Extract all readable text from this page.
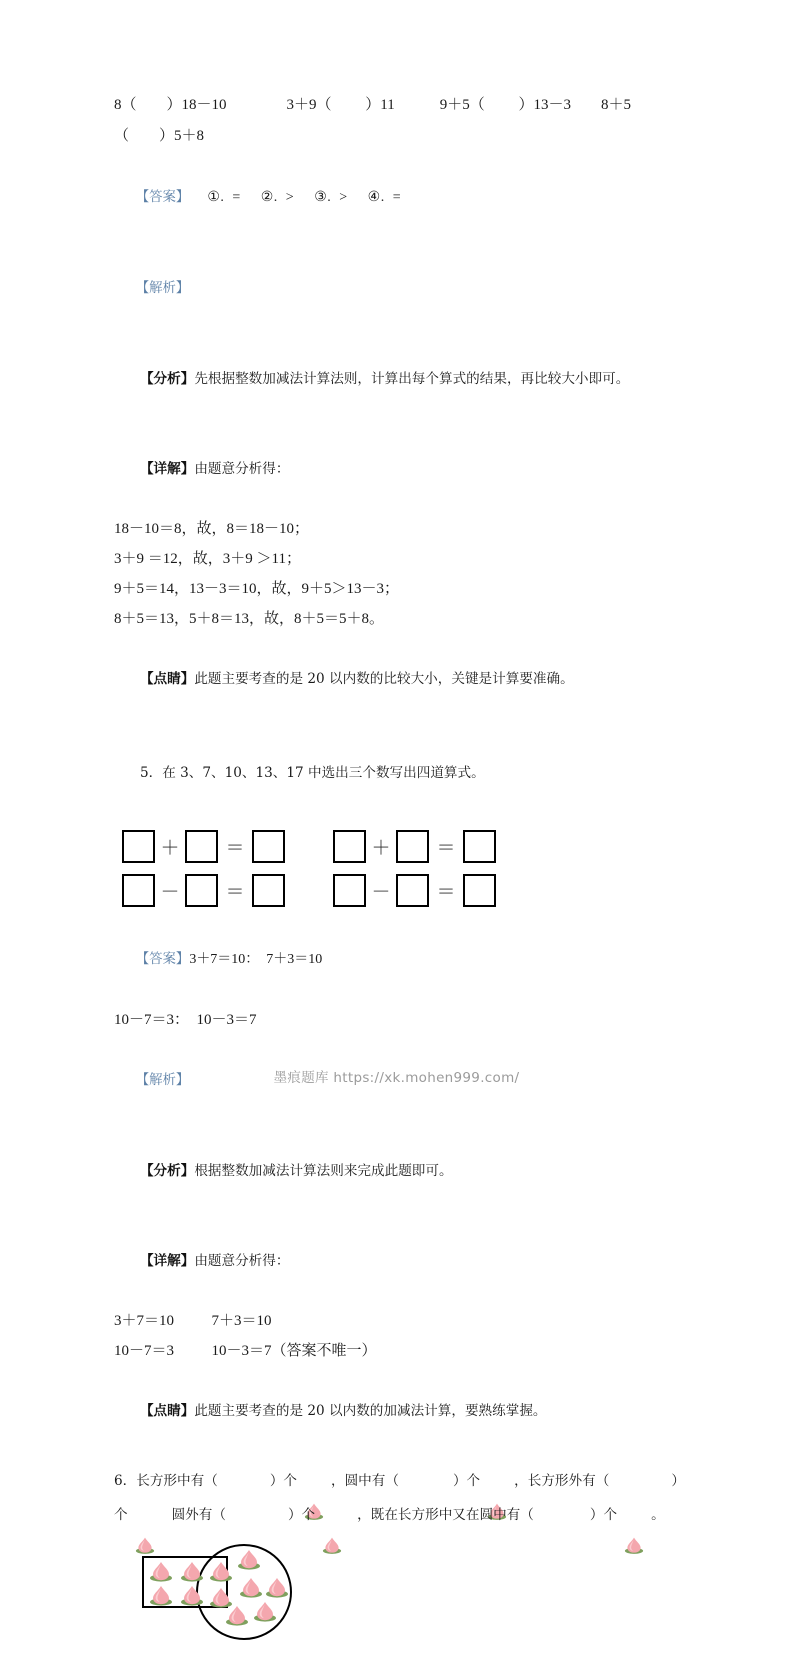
8（        ）18－10                3＋9（         ）11            9＋5（         ）13－3        8＋5
（        ）5＋8

【答案】 ①.  =     ②.  >     ③.  >     ④.  =

【解析】

【分析】先根据整数加减法计算法则，计算出每个算式的结果，再比较大小即可。

【详解】由题意分析得：

18－10＝8，故，8＝18－10；
3＋9 ＝12，故，3＋9 ＞11；
9＋5＝14，13－3＝10，故，9＋5＞13－3；
8＋5＝13，5＋8＝13，故，8＋5＝5＋8。

【点睛】此题主要考查的是 20 以内数的比较大小，关键是计算要准确。

5．在 3、7、10、13、17 中选出三个数写出四道算式。

＋	＝	＋	＝
－	＝	－	＝

【答案】3＋7＝10：  7＋3＝10

10－7＝3：  10－3＝7

【解析】

【分析】根据整数加减法计算法则来完成此题即可。

【详解】由题意分析得：

3＋7＝10          7＋3＝10
10－7＝3          10－3＝7（答案不唯一）

【点睛】此题主要考查的是 20 以内数的加减法计算，要熟练掌握。

6． 长方形中有（	）个

	，圆中有（	）个

	，长方形外有（	）
个

	圆外有（	）个

	，既在长方形中又在圆中有（	）个

	。
墨痕题库 https://xk.mohen999.com/
